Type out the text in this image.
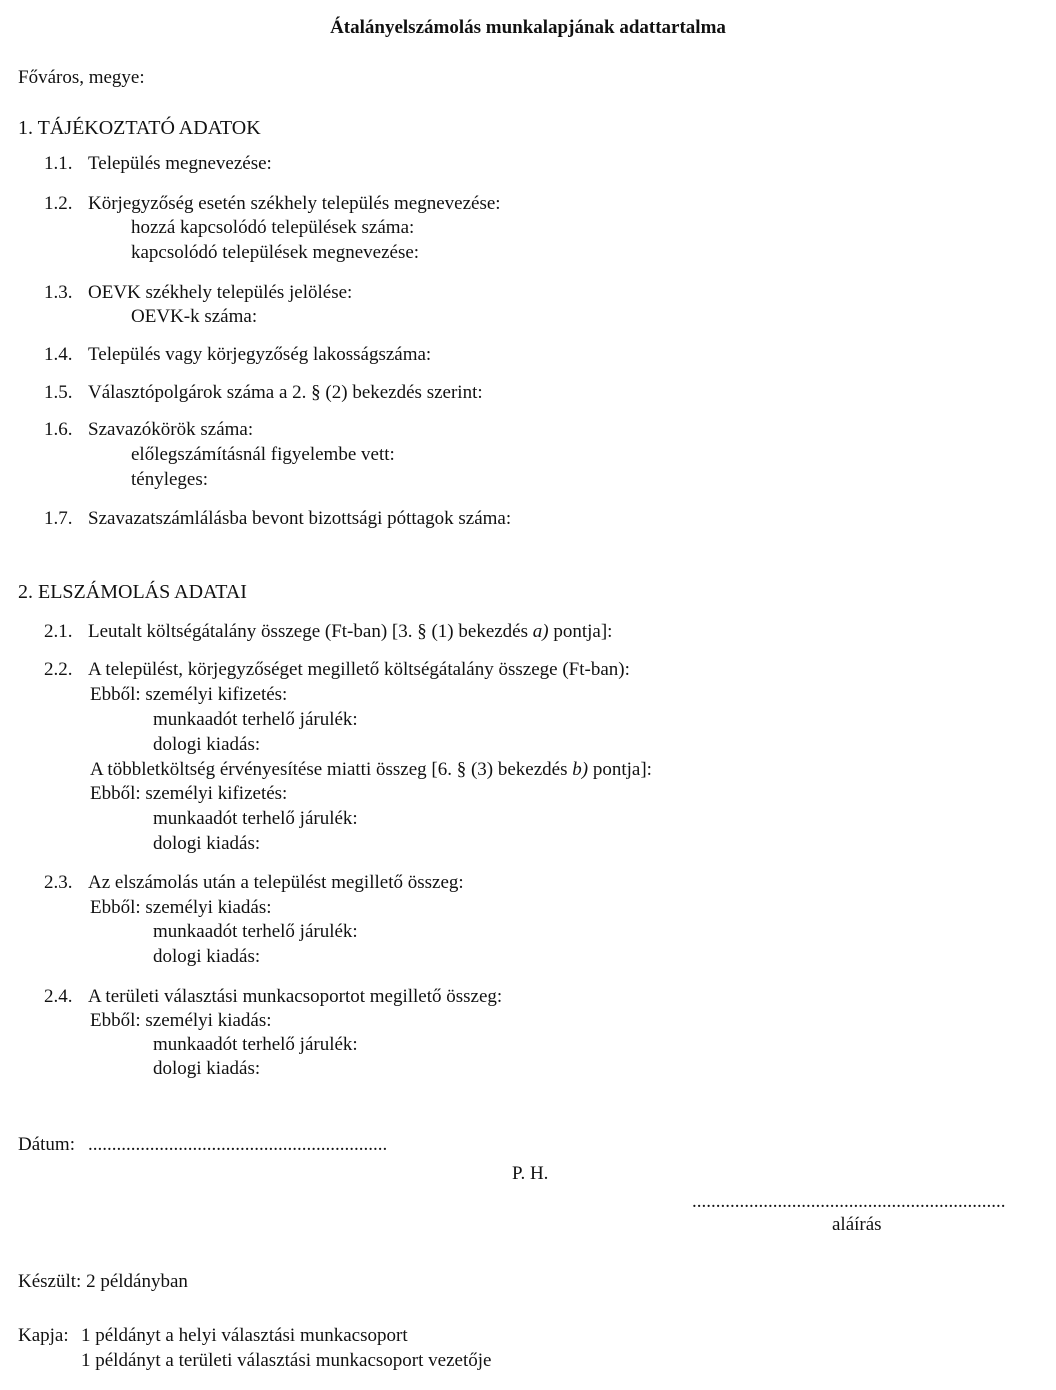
Átalányelszámolás munkalapjának adattartalma
Főváros, megye:
1. TÁJÉKOZTATÓ ADATOK
1.1. Település megnevezése:
1.2. Körjegyzőség esetén székhely település megnevezése:
hozzá kapcsolódó települések száma:
kapcsolódó települések megnevezése:
1.3. OEVK székhely település jelölése:
OEVK-k száma:
1.4. Település vagy körjegyzőség lakosságszáma:
1.5. Választópolgárok száma a 2. § (2) bekezdés szerint:
1.6. Szavazókörök száma:
előlegszámításnál figyelembe vett:
tényleges:
1.7. Szavazatszámlálásba bevont bizottsági póttagok száma:
2. ELSZÁMOLÁS ADATAI
2.1. Leutalt költségátalány összege (Ft-ban) [3. § (1) bekezdés a) pontja]:
2.2. A települést, körjegyzőséget megillető költségátalány összege (Ft-ban):
Ebből: személyi kifizetés:
munkaadót terhelő járulék:
dologi kiadás:
A többletköltség érvényesítése miatti összeg [6. § (3) bekezdés b) pontja]:
Ebből: személyi kifizetés:
munkaadót terhelő járulék:
dologi kiadás:
2.3. Az elszámolás után a települést megillető összeg:
Ebből: személyi kiadás:
munkaadót terhelő járulék:
dologi kiadás:
2.4. A területi választási munkacsoportot megillető összeg:
Ebből: személyi kiadás:
munkaadót terhelő járulék:
dologi kiadás:
Dátum: ...............................................................
P. H.
..................................................................
aláírás
Készült: 2 példányban
Kapja: 1 példányt a helyi választási munkacsoport
1 példányt a területi választási munkacsoport vezetője
